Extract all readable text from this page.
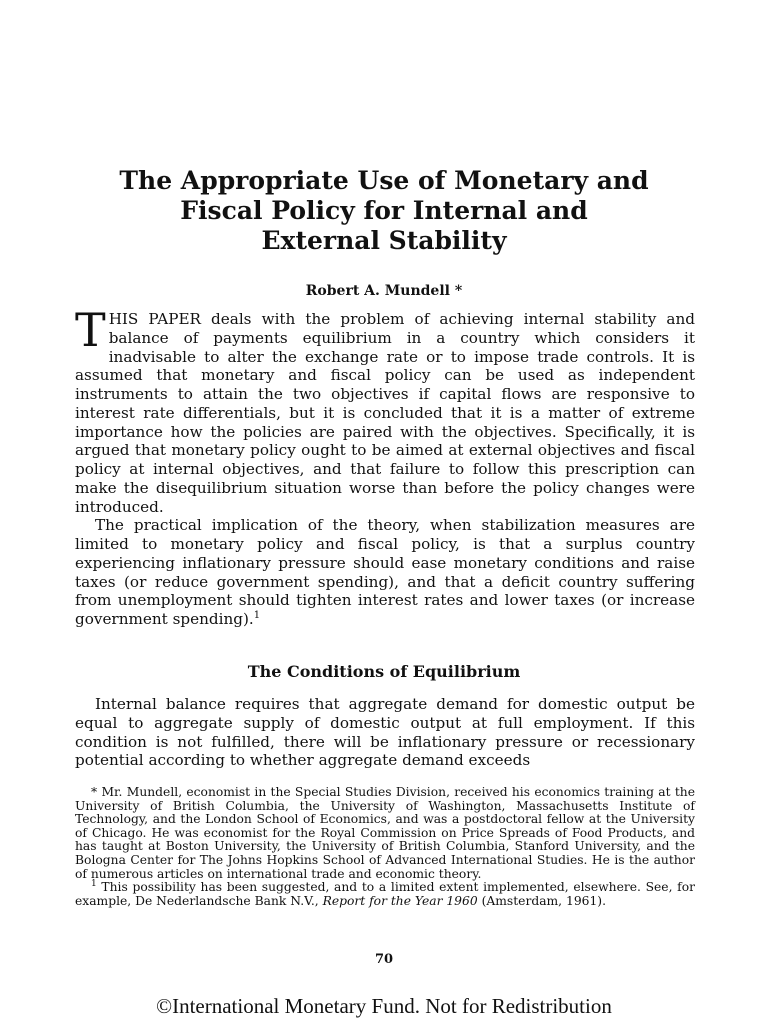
The Appropriate Use of Monetary and
Fiscal Policy for Internal and
External Stability

Robert A. Mundell *

THIS PAPER deals with the problem of achieving internal stability and balance of payments equilibrium in a country which considers it inadvisable to alter the exchange rate or to impose trade controls. It is assumed that monetary and fiscal policy can be used as independent instruments to attain the two objectives if capital flows are responsive to interest rate differentials, but it is concluded that it is a matter of extreme importance how the policies are paired with the objectives. Specifically, it is argued that monetary policy ought to be aimed at external objectives and fiscal policy at internal objectives, and that failure to follow this prescription can make the disequilibrium situation worse than before the policy changes were introduced.

The practical implication of the theory, when stabilization measures are limited to monetary policy and fiscal policy, is that a surplus country experiencing inflationary pressure should ease monetary conditions and raise taxes (or reduce government spending), and that a deficit country suffering from unemployment should tighten interest rates and lower taxes (or increase government spending).$^1$

The Conditions of Equilibrium

Internal balance requires that aggregate demand for domestic output be equal to aggregate supply of domestic output at full employment. If this condition is not fulfilled, there will be inflationary pressure or recessionary potential according to whether aggregate demand exceeds

* Mr. Mundell, economist in the Special Studies Division, received his economics training at the University of British Columbia, the University of Washington, Massachusetts Institute of Technology, and the London School of Economics, and was a postdoctoral fellow at the University of Chicago. He was economist for the Royal Commission on Price Spreads of Food Products, and has taught at Boston University, the University of British Columbia, Stanford University, and the Bologna Center for The Johns Hopkins School of Advanced International Studies. He is the author of numerous articles on international trade and economic theory.

$^1$ This possibility has been suggested, and to a limited extent implemented, elsewhere. See, for example, De Nederlandsche Bank N.V., Report for the Year 1960 (Amsterdam, 1961).

70

©International Monetary Fund. Not for Redistribution
